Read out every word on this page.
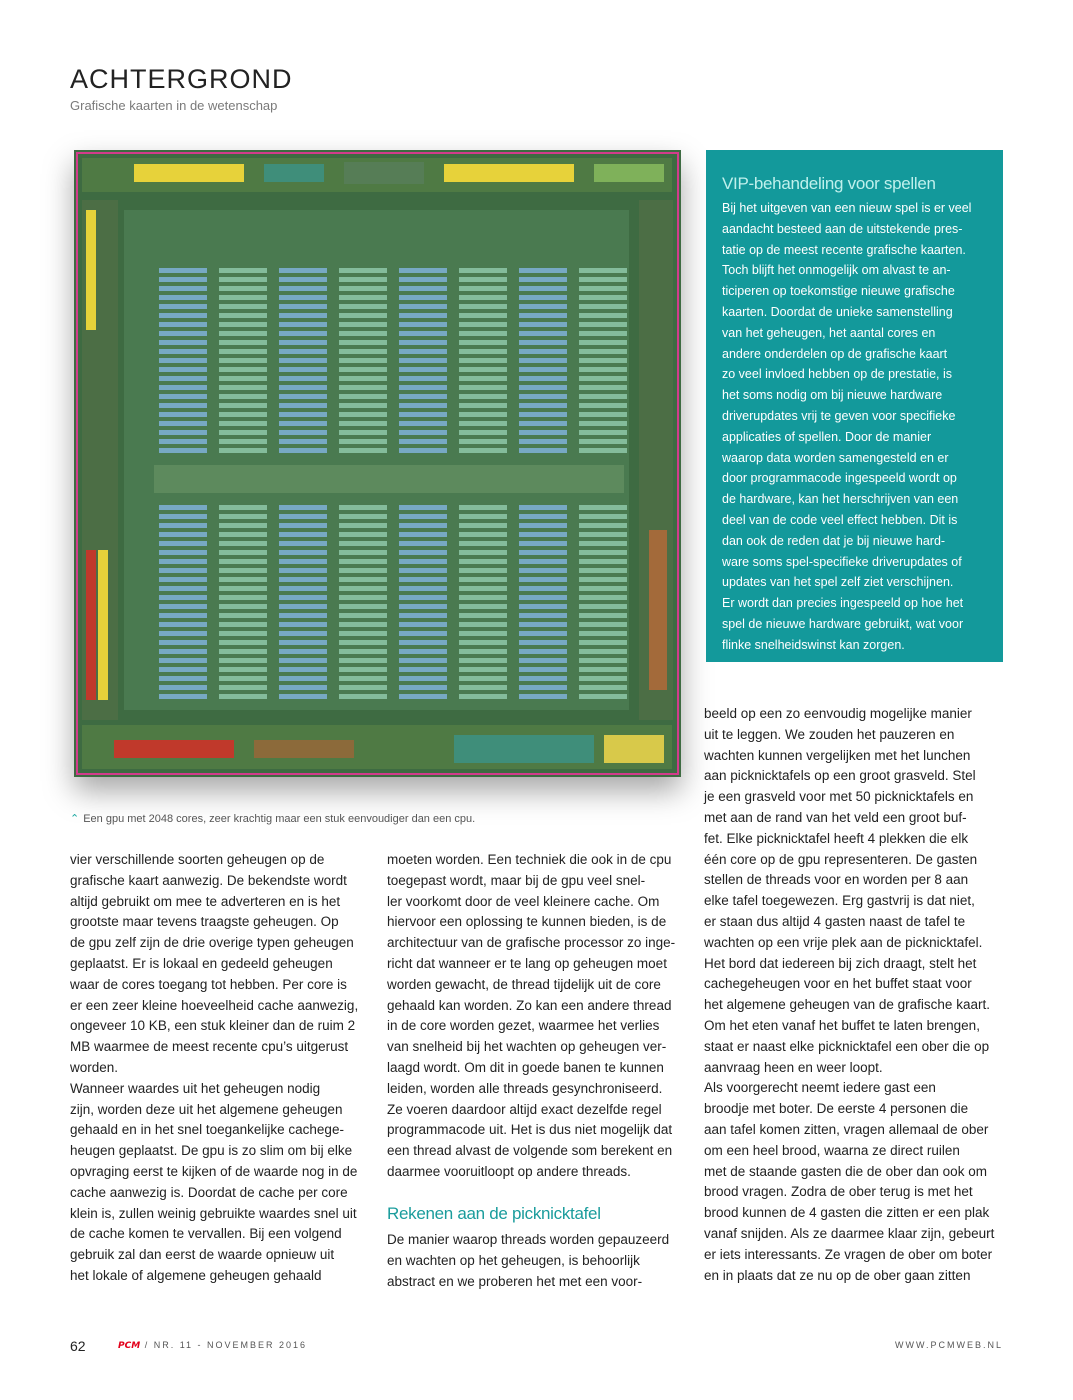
ACHTERGROND
Grafische kaarten in de wetenschap
⌃ Een gpu met 2048 cores, zeer krachtig maar een stuk eenvoudiger dan een cpu.
VIP-behandeling voor spellen
Bij het uitgeven van een nieuw spel is er veel
aandacht besteed aan de uitstekende pres-
tatie op de meest recente grafische kaarten.
Toch blijft het onmogelijk om alvast te an-
ticiperen op toekomstige nieuwe grafische
kaarten. Doordat de unieke samenstelling
van het geheugen, het aantal cores en
andere onderdelen op de grafische kaart
zo veel invloed hebben op de prestatie, is
het soms nodig om bij nieuwe hardware
driverupdates vrij te geven voor specifieke
applicaties of spellen. Door de manier
waarop data worden samengesteld en er
door programmacode ingespeeld wordt op
de hardware, kan het herschrijven van een
deel van de code veel effect hebben. Dit is
dan ook de reden dat je bij nieuwe hard-
ware soms spel-specifieke driverupdates of
updates van het spel zelf ziet verschijnen.
Er wordt dan precies ingespeeld op hoe het
spel de nieuwe hardware gebruikt, wat voor
flinke snelheidswinst kan zorgen.
vier verschillende soorten geheugen op de
grafische kaart aanwezig. De bekendste wordt
altijd gebruikt om mee te adverteren en is het
grootste maar tevens traagste geheugen. Op
de gpu zelf zijn de drie overige typen geheugen
geplaatst. Er is lokaal en gedeeld geheugen
waar de cores toegang tot hebben. Per core is
er een zeer kleine hoeveelheid cache aanwezig,
ongeveer 10 KB, een stuk kleiner dan de ruim 2
MB waarmee de meest recente cpu’s uitgerust
worden.
Wanneer waardes uit het geheugen nodig
zijn, worden deze uit het algemene geheugen
gehaald en in het snel toegankelijke cachege-
heugen geplaatst. De gpu is zo slim om bij elke
opvraging eerst te kijken of de waarde nog in de
cache aanwezig is. Doordat de cache per core
klein is, zullen weinig gebruikte waardes snel uit
de cache komen te vervallen. Bij een volgend
gebruik zal dan eerst de waarde opnieuw uit
het lokale of algemene geheugen gehaald
moeten worden. Een techniek die ook in de cpu
toegepast wordt, maar bij de gpu veel snel-
ler voorkomt door de veel kleinere cache. Om
hiervoor een oplossing te kunnen bieden, is de
architectuur van de grafische processor zo inge-
richt dat wanneer er te lang op geheugen moet
worden gewacht, de thread tijdelijk uit de core
gehaald kan worden. Zo kan een andere thread
in de core worden gezet, waarmee het verlies
van snelheid bij het wachten op geheugen ver-
laagd wordt. Om dit in goede banen te kunnen
leiden, worden alle threads gesynchroniseerd.
Ze voeren daardoor altijd exact dezelfde regel
programmacode uit. Het is dus niet mogelijk dat
een thread alvast de volgende som berekent en
daarmee vooruitloopt op andere threads.
Rekenen aan de picknicktafel
De manier waarop threads worden gepauzeerd
en wachten op het geheugen, is behoorlijk
abstract en we proberen het met een voor-
beeld op een zo eenvoudig mogelijke manier
uit te leggen. We zouden het pauzeren en
wachten kunnen vergelijken met het lunchen
aan picknicktafels op een groot grasveld. Stel
je een grasveld voor met 50 picknicktafels en
met aan de rand van het veld een groot buf-
fet. Elke picknicktafel heeft 4 plekken die elk
één core op de gpu representeren. De gasten
stellen de threads voor en worden per 8 aan
elke tafel toegewezen. Erg gastvrij is dat niet,
er staan dus altijd 4 gasten naast de tafel te
wachten op een vrije plek aan de picknicktafel.
Het bord dat iedereen bij zich draagt, stelt het
cachegeheugen voor en het buffet staat voor
het algemene geheugen van de grafische kaart.
Om het eten vanaf het buffet te laten brengen,
staat er naast elke picknicktafel een ober die op
aanvraag heen en weer loopt.
Als voorgerecht neemt iedere gast een
broodje met boter. De eerste 4 personen die
aan tafel komen zitten, vragen allemaal de ober
om een heel brood, waarna ze direct ruilen
met de staande gasten die de ober dan ook om
brood vragen. Zodra de ober terug is met het
brood kunnen de 4 gasten die zitten er een plak
vanaf snijden. Als ze daarmee klaar zijn, gebeurt
er iets interessants. Ze vragen de ober om boter
en in plaats dat ze nu op de ober gaan zitten
62	PCM / NR. 11 - NOVEMBER 2016	WWW.PCMWEB.NL
